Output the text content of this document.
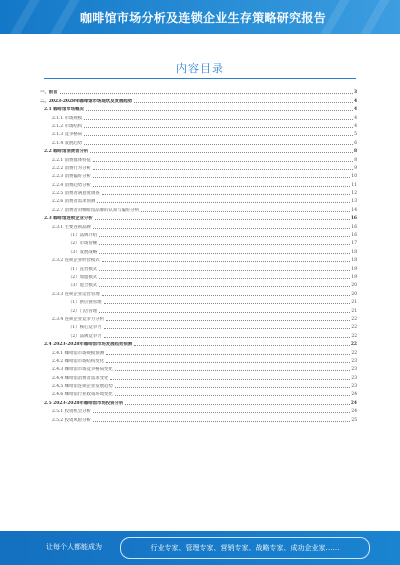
咖啡馆市场分析及连锁企业生存策略研究报告
内容目录
一、前言	3
二、2023-2028年咖啡馆市场现状及发展趋势	4
2.1 咖啡馆市场概况	4
2.1.1 市场规模	4
2.1.2 市场结构	4
2.1.3 竞争格局	5
2.1.4 发展趋势	6
2.2 咖啡馆消费者分析	8
2.2.1 消费群体特征	8
2.2.2 消费行为分析	9
2.2.3 消费偏好分析	10
2.2.4 消费趋势分析	11
2.2.5 消费者满意度调查	12
2.2.6 消费者需求预测	13
2.2.7 消费者对咖啡馆品牌的认知与偏好分析	14
2.3 咖啡馆连锁企业分析	16
2.3.1 主要连锁品牌	16
（1）品牌介绍	16
（2）市场份额	17
（3）发展战略	18
2.3.2 连锁企业经营模式	18
（1）直营模式	19
（2）加盟模式	19
（3）混合模式	20
2.3.3 连锁企业运营管理	20
（1）供应链管理	21
（2）门店管理	21
2.3.4 连锁企业竞争力分析	22
（1）核心竞争力	22
（2）品牌竞争力	22
2.4 2023-2028年咖啡馆市场发展趋势预测	22
2.4.1 咖啡馆市场规模预测	22
2.4.2 咖啡馆市场结构变化	23
2.4.3 咖啡馆市场竞争格局变化	23
2.4.4 咖啡馆消费者需求变化	23
2.4.5 咖啡馆连锁企业发展趋势	23
2.4.6 咖啡馆行业政策环境变化	24
2.5 2023-2028年咖啡馆市场投资分析	24
2.5.1 投资机会分析	24
2.5.2 投资风险分析	25
让每个人都能成为	行业专家、管理专家、营销专家、战略专家、成功企业家……
